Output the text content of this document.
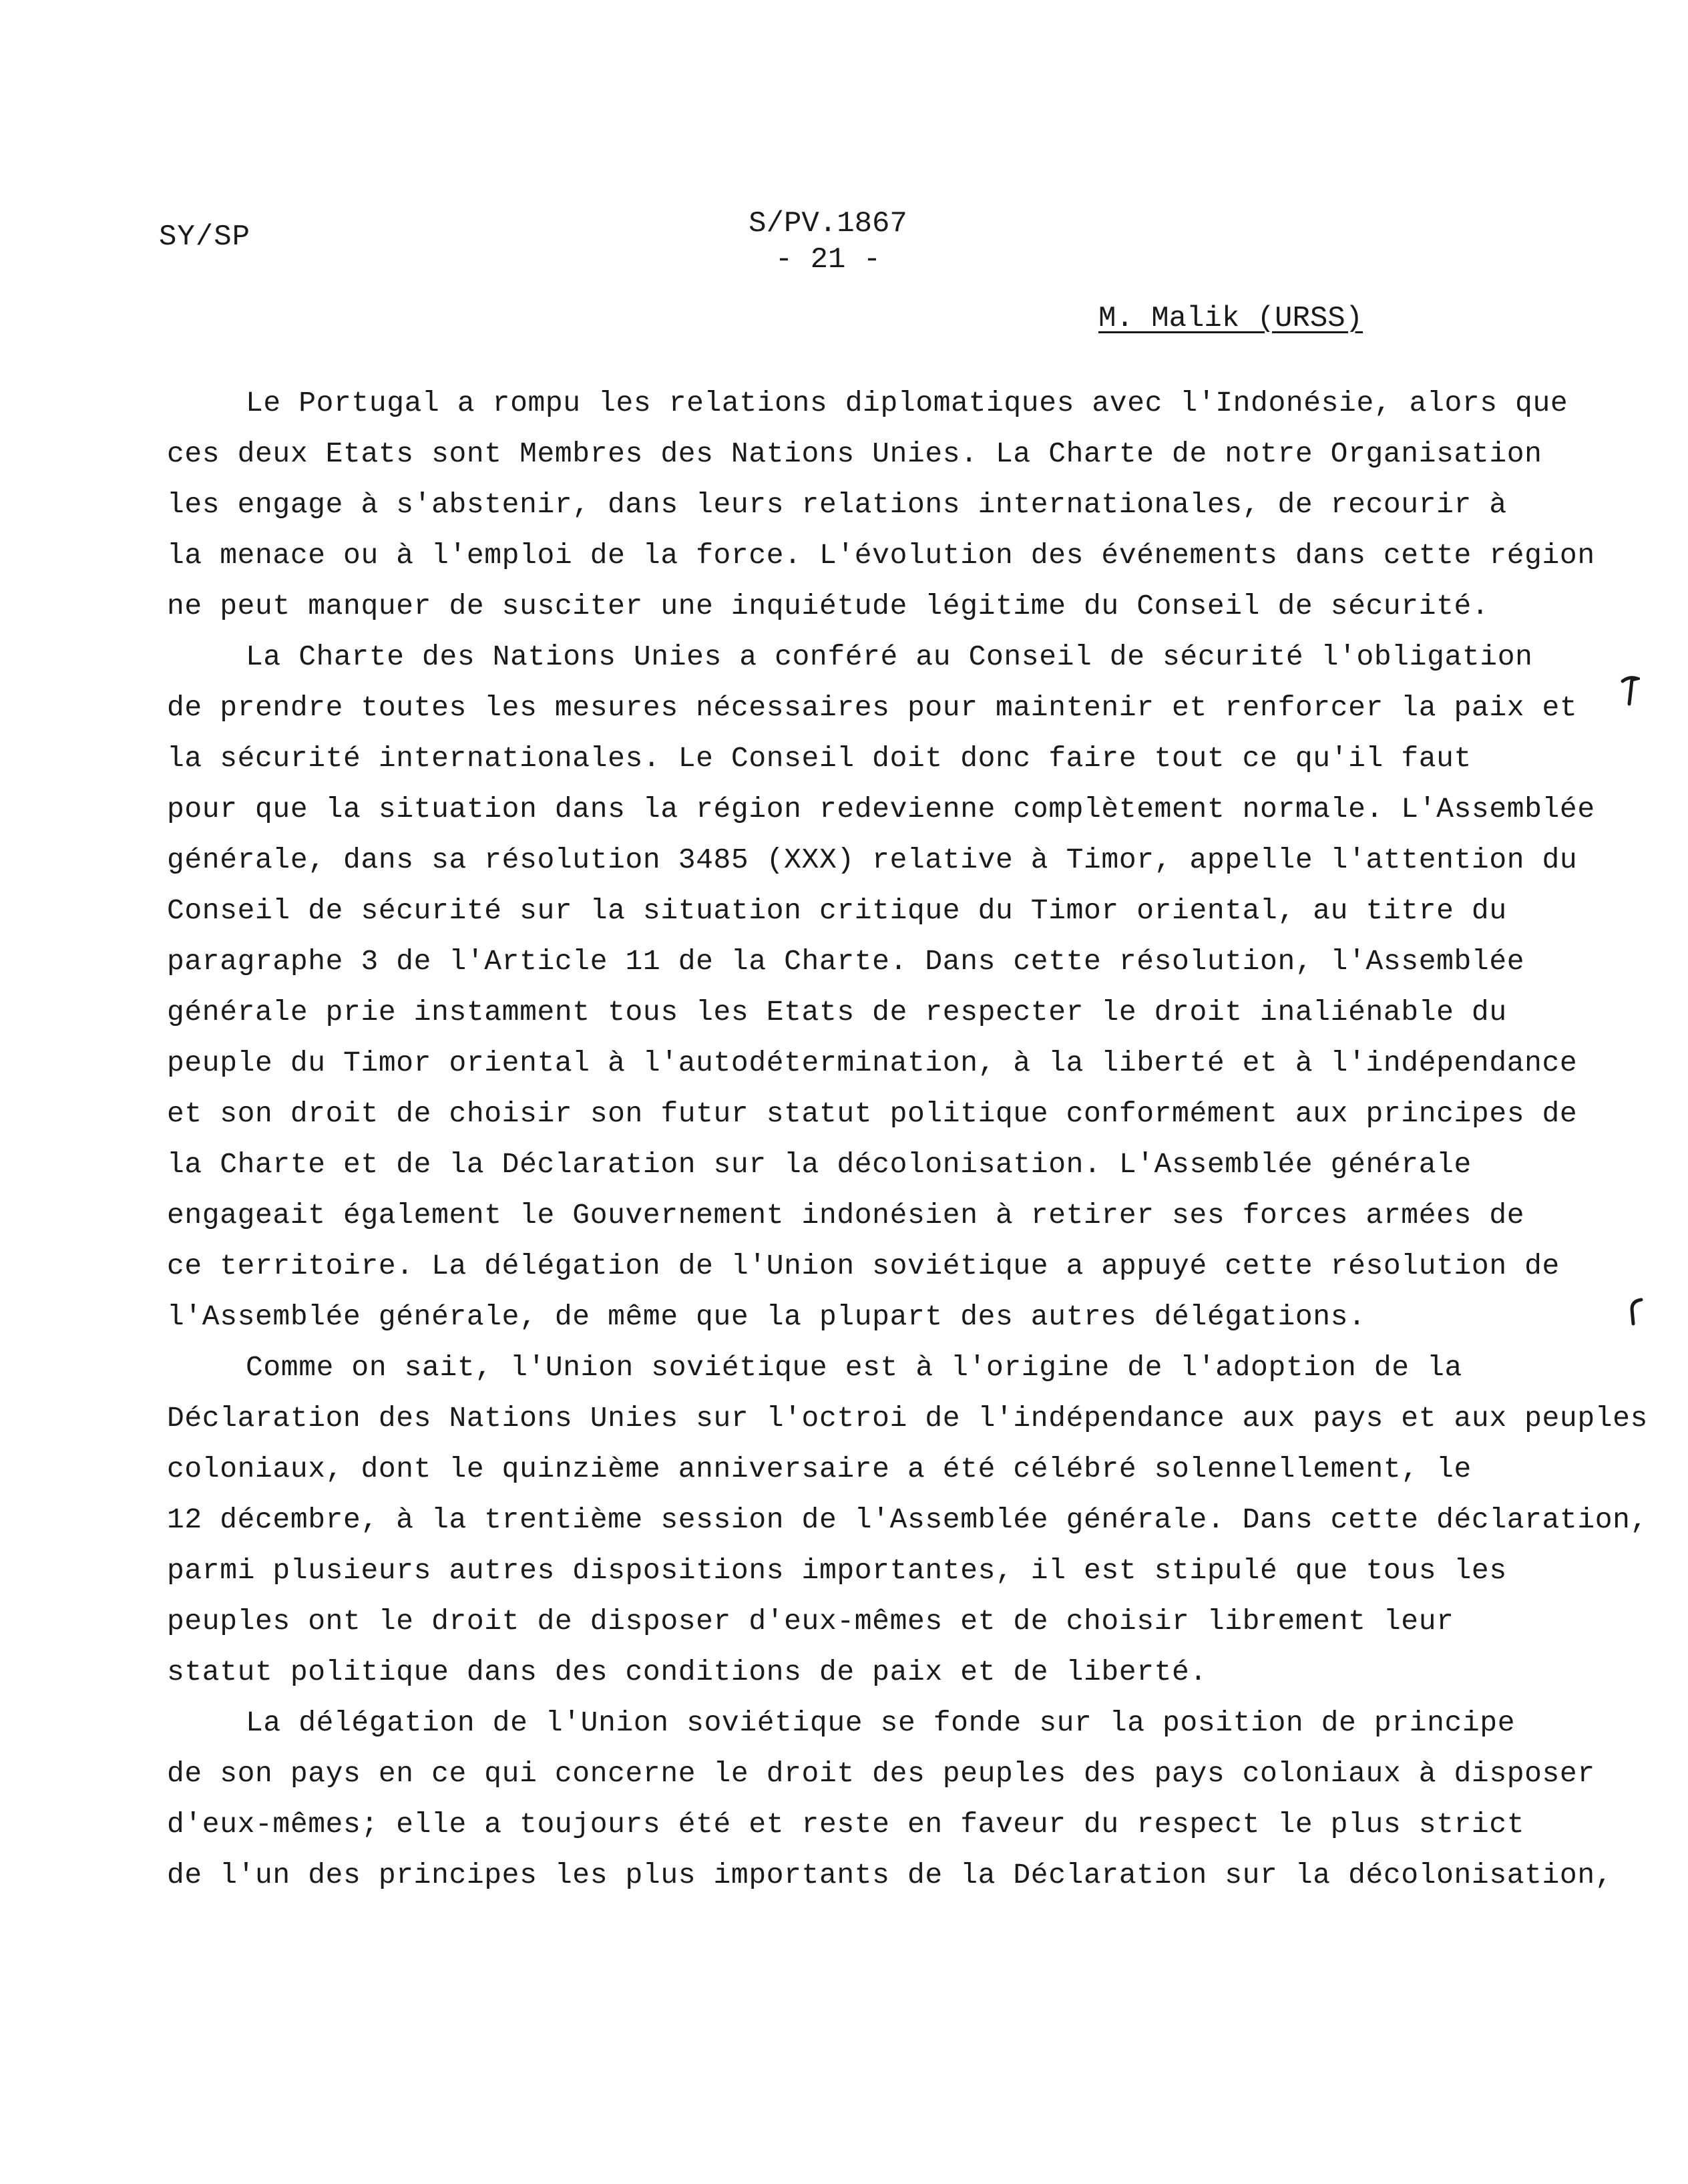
SY/SP	S/PV.1867
- 21 -
M. Malik (URSS)
Le Portugal a rompu les relations diplomatiques avec l'Indonésie, alors que
ces deux Etats sont Membres des Nations Unies. La Charte de notre Organisation
les engage à s'abstenir, dans leurs relations internationales, de recourir à
la menace ou à l'emploi de la force. L'évolution des événements dans cette région
ne peut manquer de susciter une inquiétude légitime du Conseil de sécurité.
La Charte des Nations Unies a conféré au Conseil de sécurité l'obligation
de prendre toutes les mesures nécessaires pour maintenir et renforcer la paix et
la sécurité internationales. Le Conseil doit donc faire tout ce qu'il faut
pour que la situation dans la région redevienne complètement normale. L'Assemblée
générale, dans sa résolution 3485 (XXX) relative à Timor, appelle l'attention du
Conseil de sécurité sur la situation critique du Timor oriental, au titre du
paragraphe 3 de l'Article 11 de la Charte. Dans cette résolution, l'Assemblée
générale prie instamment tous les Etats de respecter le droit inaliénable du
peuple du Timor oriental à l'autodétermination, à la liberté et à l'indépendance
et son droit de choisir son futur statut politique conformément aux principes de
la Charte et de la Déclaration sur la décolonisation. L'Assemblée générale
engageait également le Gouvernement indonésien à retirer ses forces armées de
ce territoire. La délégation de l'Union soviétique a appuyé cette résolution de
l'Assemblée générale, de même que la plupart des autres délégations.
Comme on sait, l'Union soviétique est à l'origine de l'adoption de la
Déclaration des Nations Unies sur l'octroi de l'indépendance aux pays et aux peuples
coloniaux, dont le quinzième anniversaire a été célébré solennellement, le
12 décembre, à la trentième session de l'Assemblée générale. Dans cette déclaration,
parmi plusieurs autres dispositions importantes, il est stipulé que tous les
peuples ont le droit de disposer d'eux-mêmes et de choisir librement leur
statut politique dans des conditions de paix et de liberté.
La délégation de l'Union soviétique se fonde sur la position de principe
de son pays en ce qui concerne le droit des peuples des pays coloniaux à disposer
d'eux-mêmes; elle a toujours été et reste en faveur du respect le plus strict
de l'un des principes les plus importants de la Déclaration sur la décolonisation,
